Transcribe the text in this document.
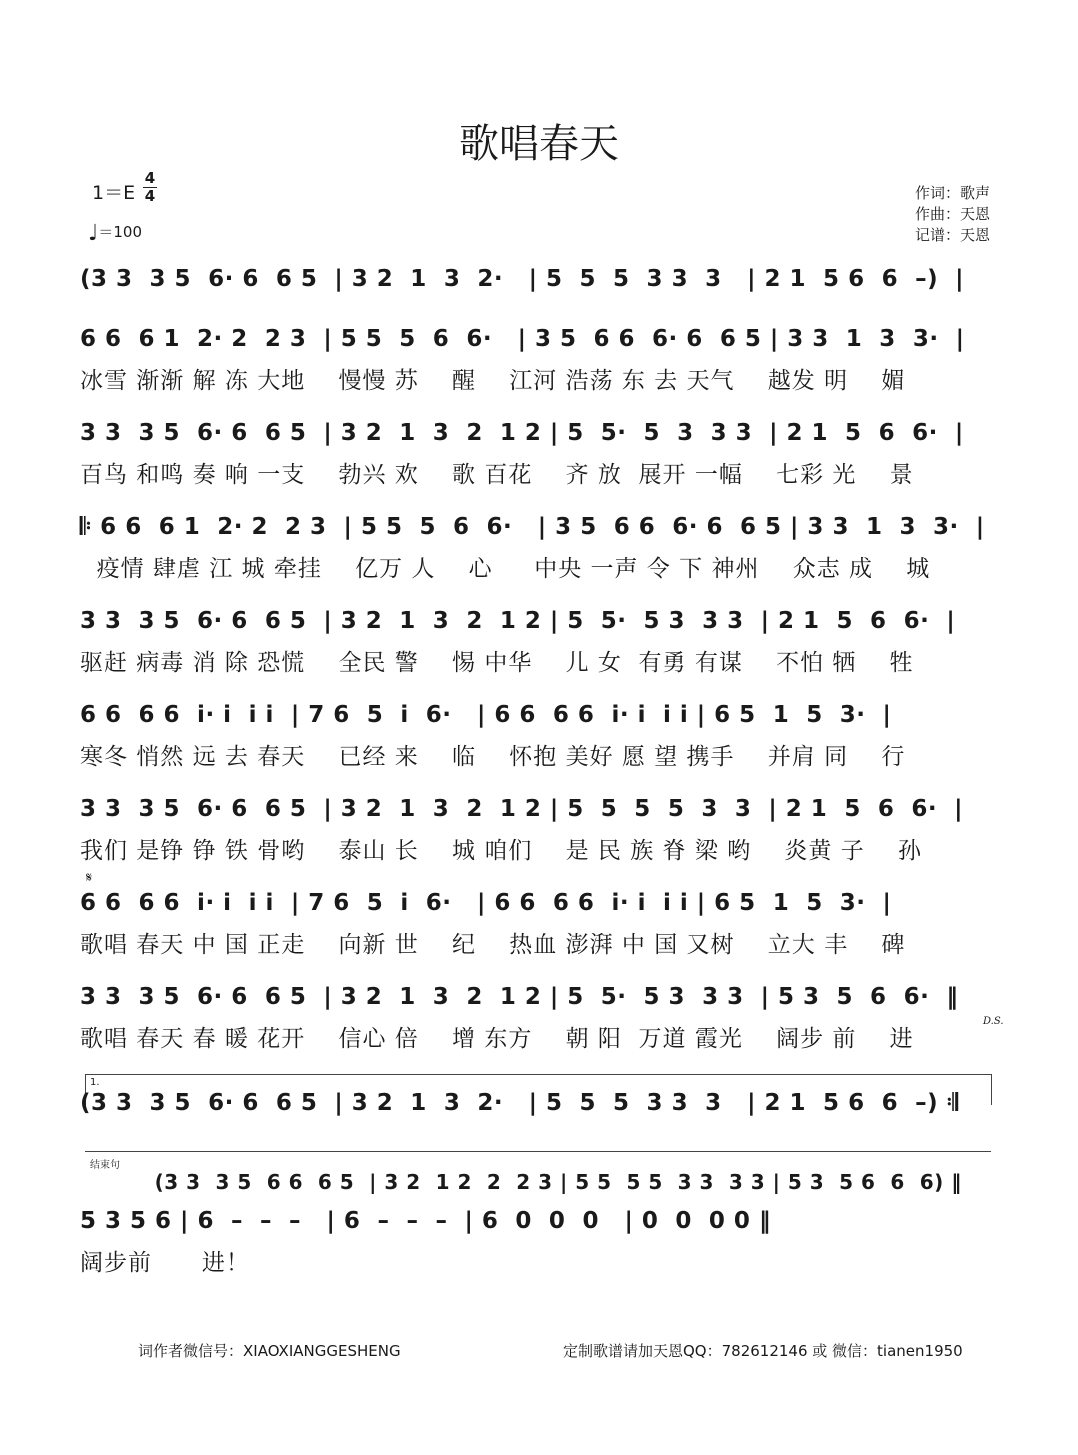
歌唱春天
$1=E \frac{4}{4}$
♩＝100
作词：歌声
作曲：天恩
记谱：天恩
(3 3  3 5  6· 6  6 5  | 3 2  1  3  2·   | 5  5  5  3 3  3   | 2 1  5 6  6  –)  |
6 6  6 1  2· 2  2 3  | 5 5  5  6  6·   | 3 5  6 6  6· 6  6 5 | 3 3  1  3  3·  |
冰雪 渐渐 解 冻 大地    慢慢 苏    醒    江河 浩荡 东 去 天气    越发 明    媚
3 3  3 5  6· 6  6 5  | 3 2  1  3  2  1 2 | 5  5·  5  3  3 3  | 2 1  5  6  6·  |
百鸟 和鸣 奏 响 一支    勃兴 欢    歌 百花    齐 放  展开 一幅    七彩 光    景
𝄆 6 6  6 1  2· 2  2 3  | 5 5  5  6  6·   | 3 5  6 6  6· 6  6 5 | 3 3  1  3  3·  |
疫情 肆虐 江 城 牵挂    亿万 人    心     中央 一声 令 下 神州    众志 成    城
3 3  3 5  6· 6  6 5  | 3 2  1  3  2  1 2 | 5  5·  5 3  3 3  | 2 1  5  6  6·  |
驱赶 病毒 消 除 恐慌    全民 警    惕 中华    儿 女  有勇 有谋    不怕 牺    牲
6 6  6 6  i· i  i i  | 7 6  5  i  6·   | 6 6  6 6  i· i  i i | 6 5  1  5  3·  |
寒冬 悄然 远 去 春天    已经 来    临    怀抱 美好 愿 望 携手    并肩 同    行
3 3  3 5  6· 6  6 5  | 3 2  1  3  2  1 2 | 5  5  5  5  3  3  | 2 1  5  6  6·  |
我们 是铮 铮 铁 骨哟    泰山 长    城 咱们    是 民 族 脊 梁 哟    炎黄 子    孙
𝄋
6 6  6 6  i· i  i i  | 7 6  5  i  6·   | 6 6  6 6  i· i  i i | 6 5  1  5  3·  |
歌唱 春天 中 国 正走    向新 世    纪    热血 澎湃 中 国 又树    立大 丰    碑
3 3  3 5  6· 6  6 5  | 3 2  1  3  2  1 2 | 5  5·  5 3  3 3  | 5 3  5  6  6·  ‖
歌唱 春天 春 暖 花开    信心 倍    增 东方    朝 阳  万道 霞光    阔步 前    进
D.S.
1.
(3 3  3 5  6· 6  6 5  | 3 2  1  3  2·   | 5  5  5  3 3  3   | 2 1  5 6  6  –) 𝄇
结束句
(3 3  3 5  6 6  6 5  | 3 2  1 2  2  2 3 | 5 5  5 5  3 3  3 3 | 5 3  5 6  6  6) ‖
5 3 5 6 | 6  –  –  –   | 6  –  –  –  | 6  0  0  0   | 0  0  0 0 ‖
阔步前      进！
词作者微信号：XIAOXIANGGESHENG	定制歌谱请加天恩QQ：782612146 或 微信：tianen1950
